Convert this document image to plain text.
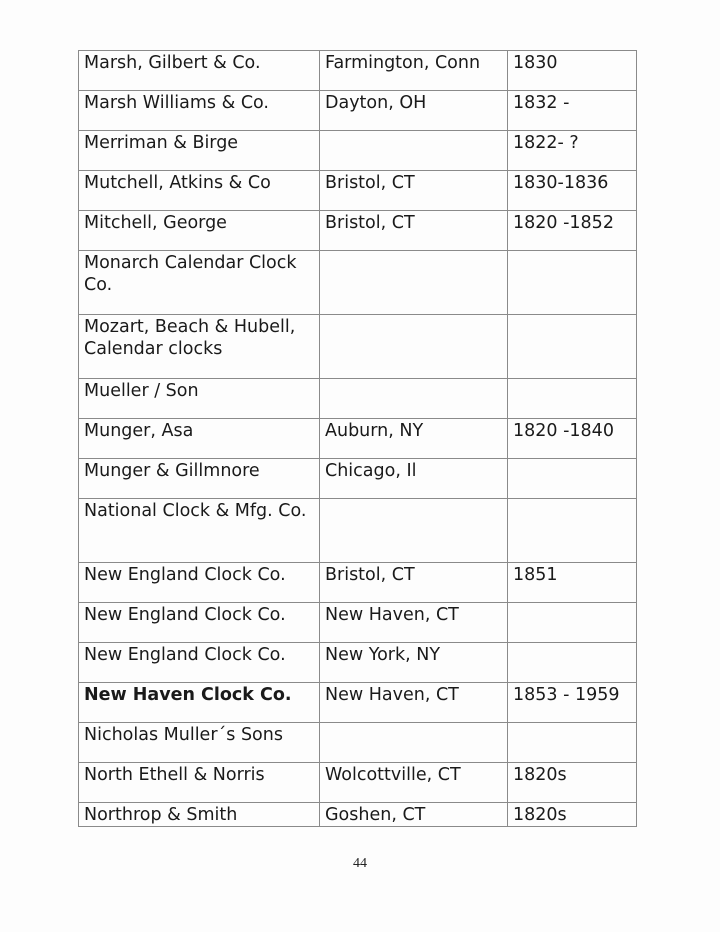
Marsh, Gilbert & Co.	Farmington, Conn	1830
Marsh Williams & Co.	Dayton, OH	1832 -
Merriman & Birge		1822- ?
Mutchell, Atkins & Co	Bristol, CT	1830-1836
Mitchell, George	Bristol, CT	1820 -1852
Monarch Calendar Clock Co.		
Mozart, Beach & Hubell, Calendar clocks		
Mueller / Son		
Munger, Asa	Auburn, NY	1820 -1840
Munger & Gillmnore	Chicago, Il	
National Clock & Mfg. Co.		
New England Clock Co.	Bristol, CT	1851
New England Clock Co.	New Haven, CT	
New England Clock Co.	New York, NY	
New Haven Clock Co.	New Haven, CT	1853 - 1959
Nicholas Muller´s Sons		
North Ethell & Norris	Wolcottville, CT	1820s
Northrop & Smith	Goshen, CT	1820s
44
